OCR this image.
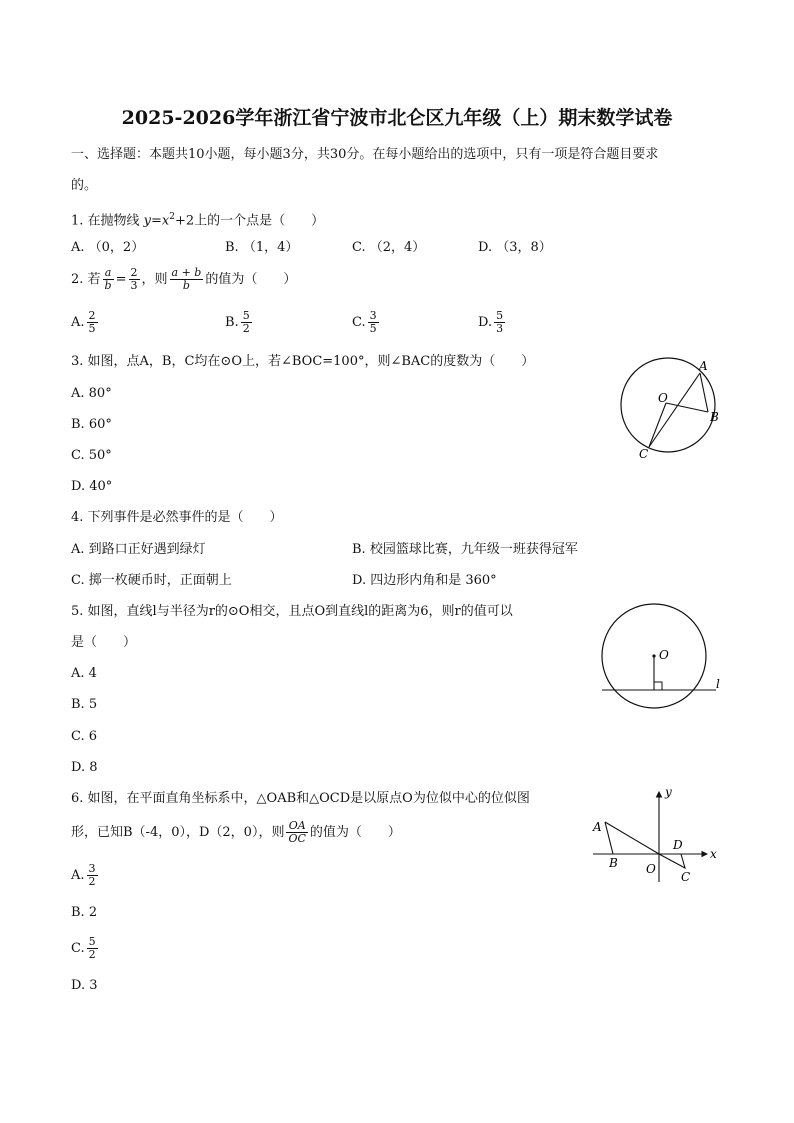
2025-2026学年浙江省宁波市北仑区九年级（上）期末数学试卷
一、选择题：本题共10小题，每小题3分，共30分。在每小题给出的选项中，只有一项是符合题目要求
的。
1. 在抛物线 $y=x^2+2$上的一个点是（　　）
A. （0，2）	B. （1，4）	C. （2，4）	D. （3，8）
2. 若 $\frac{a}{b} = \frac{2}{3}$ ，则 $\frac{a + b}{b}$ 的值为（　　）
A. $\frac{2}{5}$	B. $\frac{5}{2}$	C. $\frac{3}{5}$	D. $\frac{5}{3}$
3. 如图，点A，B，C均在⊙O上，若∠BOC=100°，则∠BAC的度数为（　　）
A. 80°
B. 60°
C. 50°
D. 40°
A
B
C
O
4. 下列事件是必然事件的是（　　）
A. 到路口正好遇到绿灯	B. 校园篮球比赛，九年级一班获得冠军
C. 掷一枚硬币时，正面朝上	D. 四边形内角和是 360°
5. 如图，直线l与半径为r的⊙O相交，且点O到直线l的距离为6，则r的值可以
是（　　）
A. 4
B. 5
C. 6
D. 8
O
l
6. 如图，在平面直角坐标系中，△OAB和△OCD是以原点O为位似中心的位似图
形，已知B（-4，0），D（2，0），则 $\frac{OA}{OC}$ 的值为（　　）
A. $\frac{3}{2}$
B. 2
C. $\frac{5}{2}$
D. 3
y
x
A
B O
D
C
